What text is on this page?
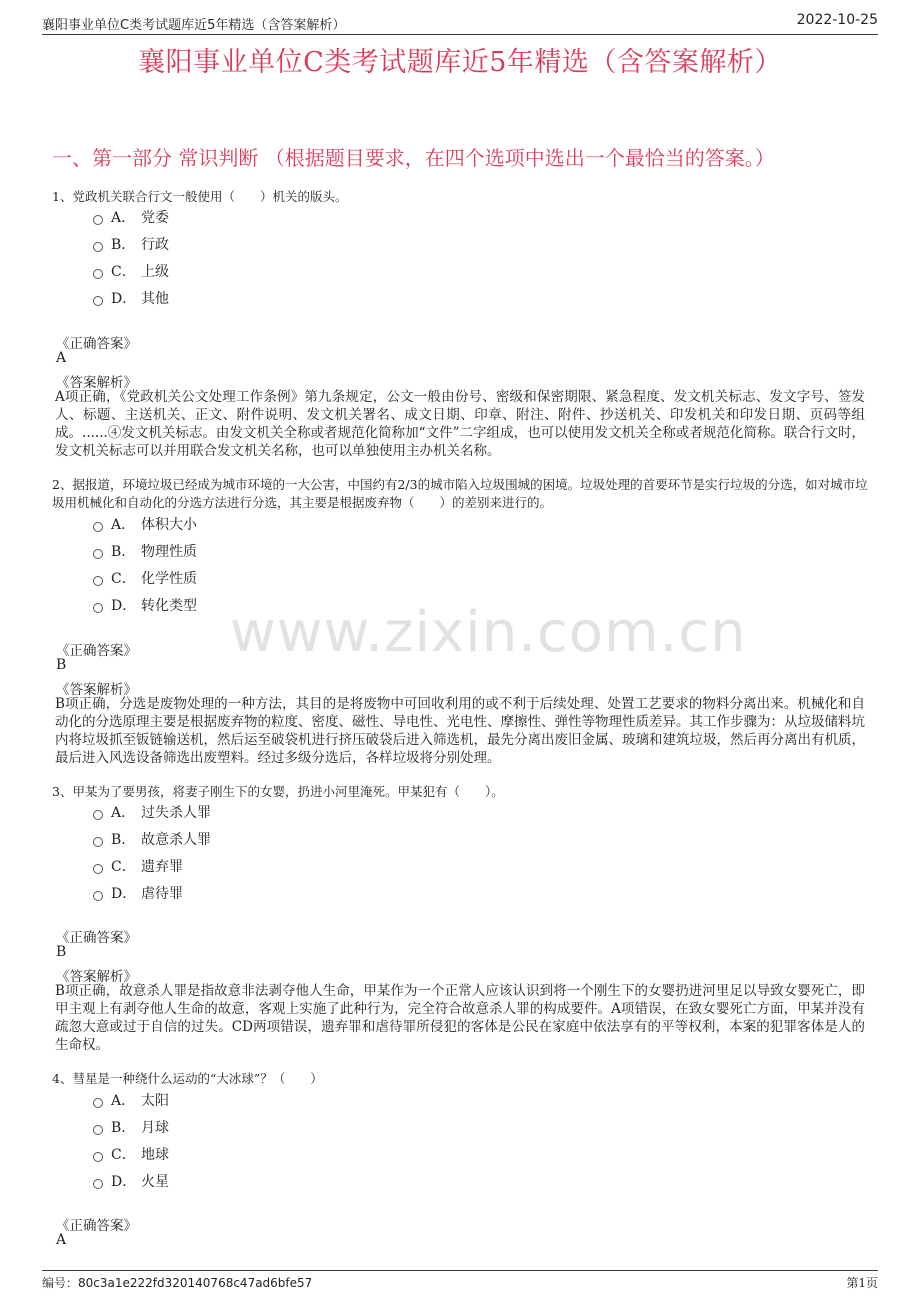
襄阳事业单位C类考试题库近5年精选（含答案解析）	2022-10-25
襄阳事业单位C类考试题库近5年精选（含答案解析）
一、第一部分 常识判断 （根据题目要求，在四个选项中选出一个最恰当的答案。）
www.zixin.com.cn
1、党政机关联合行文一般使用（　　）机关的版头。
A． 党委
B． 行政
C． 上级
D． 其他
《正确答案》
A
《答案解析》
A项正确，《党政机关公文处理工作条例》第九条规定，公文一般由份号、密级和保密期限、紧急程度、发文机关标志、发文字号、签发人、标题、主送机关、正文、附件说明、发文机关署名、成文日期、印章、附注、附件、抄送机关、印发机关和印发日期、页码等组成。......④发文机关标志。由发文机关全称或者规范化简称加“文件”二字组成，也可以使用发文机关全称或者规范化简称。联合行文时，发文机关标志可以并用联合发文机关名称，也可以单独使用主办机关名称。
2、据报道，环境垃圾已经成为城市环境的一大公害，中国约有2/3的城市陷入垃圾围城的困境。垃圾处理的首要环节是实行垃圾的分选，如对城市垃圾用机械化和自动化的分选方法进行分选，其主要是根据废弃物（　　）的差别来进行的。
A． 体积大小
B． 物理性质
C． 化学性质
D． 转化类型
《正确答案》
B
《答案解析》
B项正确，分选是废物处理的一种方法，其目的是将废物中可回收利用的或不利于后续处理、处置工艺要求的物料分离出来。机械化和自动化的分选原理主要是根据废弃物的粒度、密度、磁性、导电性、光电性、摩擦性、弹性等物理性质差异。其工作步骤为：从垃圾储料坑内将垃圾抓至钣链输送机，然后运至破袋机进行挤压破袋后进入筛选机，最先分离出废旧金属、玻璃和建筑垃圾，然后再分离出有机质，最后进入风选设备筛选出废塑料。经过多级分选后，各样垃圾将分别处理。
3、甲某为了要男孩，将妻子刚生下的女婴，扔进小河里淹死。甲某犯有（　　）。
A． 过失杀人罪
B． 故意杀人罪
C． 遗弃罪
D． 虐待罪
《正确答案》
B
《答案解析》
B项正确，故意杀人罪是指故意非法剥夺他人生命，甲某作为一个正常人应该认识到将一个刚生下的女婴扔进河里足以导致女婴死亡，即甲主观上有剥夺他人生命的故意，客观上实施了此种行为，完全符合故意杀人罪的构成要件。A项错误，在致女婴死亡方面，甲某并没有疏忽大意或过于自信的过失。CD两项错误，遗弃罪和虐待罪所侵犯的客体是公民在家庭中依法享有的平等权利，本案的犯罪客体是人的生命权。
4、彗星是一种绕什么运动的“大冰球”？（　　）
A． 太阳
B． 月球
C． 地球
D． 火星
《正确答案》
A
编号：80c3a1e222fd320140768c47ad6bfe57	第1页
